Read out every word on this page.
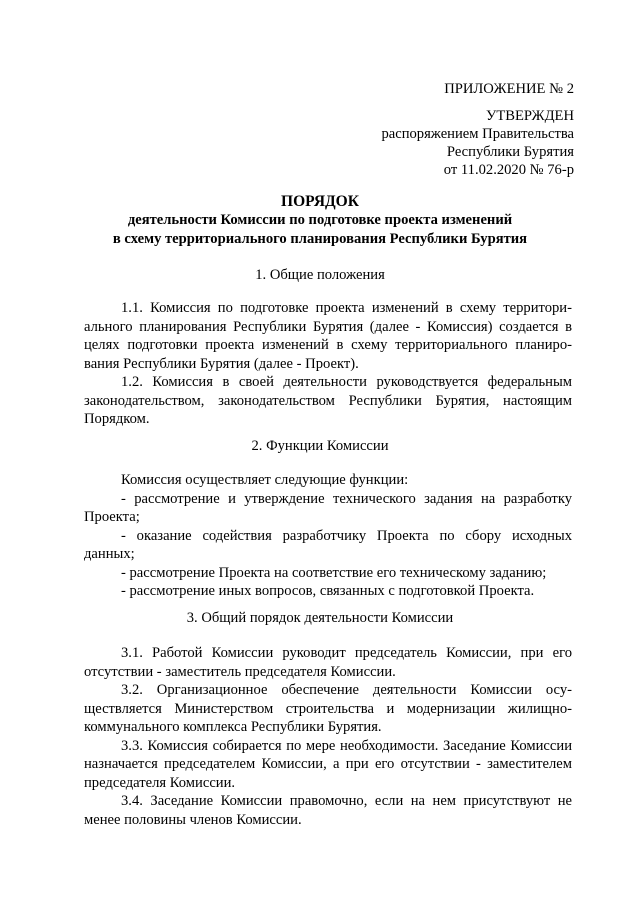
ПРИЛОЖЕНИЕ № 2
УТВЕРЖДЕН
распоряжением Правительства
Республики Бурятия
от 11.02.2020 № 76-р
ПОРЯДОК
деятельности Комиссии по подготовке проекта изменений
в схему территориального планирования Республики Бурятия
1. Общие положения

1.1. Комиссия по подготовке проекта изменений в схему территориального планирования Республики Бурятия (далее - Комиссия) создается в целях подготовки проекта изменений в схему территориального планирования Республики Бурятия (далее - Проект).

1.2. Комиссия в своей деятельности руководствуется федеральным законодательством, законодательством Республики Бурятия, настоящим Порядком.

2. Функции Комиссии

Комиссия осуществляет следующие функции:

- рассмотрение и утверждение технического задания на разработку Проекта;

- оказание содействия разработчику Проекта по сбору исходных данных;

- рассмотрение Проекта на соответствие его техническому заданию;

- рассмотрение иных вопросов, связанных с подготовкой Проекта.

3. Общий порядок деятельности Комиссии

3.1. Работой Комиссии руководит председатель Комиссии, при его отсутствии - заместитель председателя Комиссии.

3.2. Организационное обеспечение деятельности Комиссии осуществляется Министерством строительства и модернизации жилищно-коммунального комплекса Республики Бурятия.

3.3. Комиссия собирается по мере необходимости. Заседание Комиссии назначается председателем Комиссии, а при его отсутствии - заместителем председателя Комиссии.

3.4. Заседание Комиссии правомочно, если на нем присутствуют не менее половины членов Комиссии.
